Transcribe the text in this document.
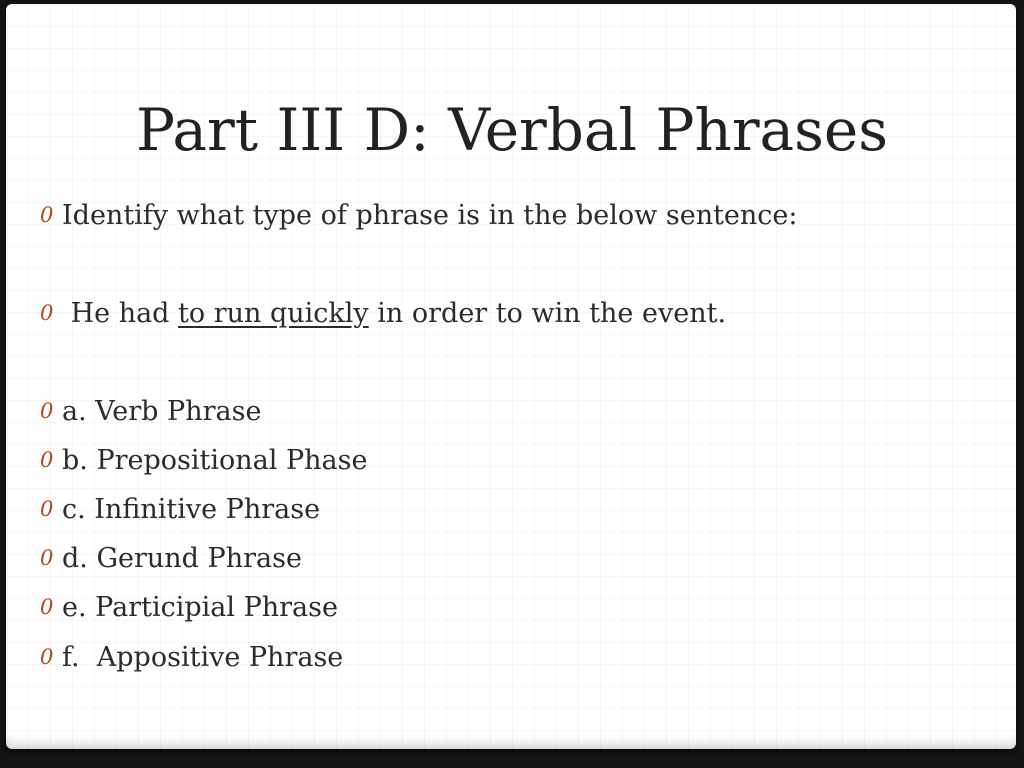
Part III D: Verbal Phrases
0 Identify what type of phrase is in the below sentence:
0 He had to run quickly in order to win the event.
0 a. Verb Phrase
0 b. Prepositional Phase
0 c. Infinitive Phrase
0 d. Gerund Phrase
0 e. Participial Phrase
0 f.  Appositive Phrase
